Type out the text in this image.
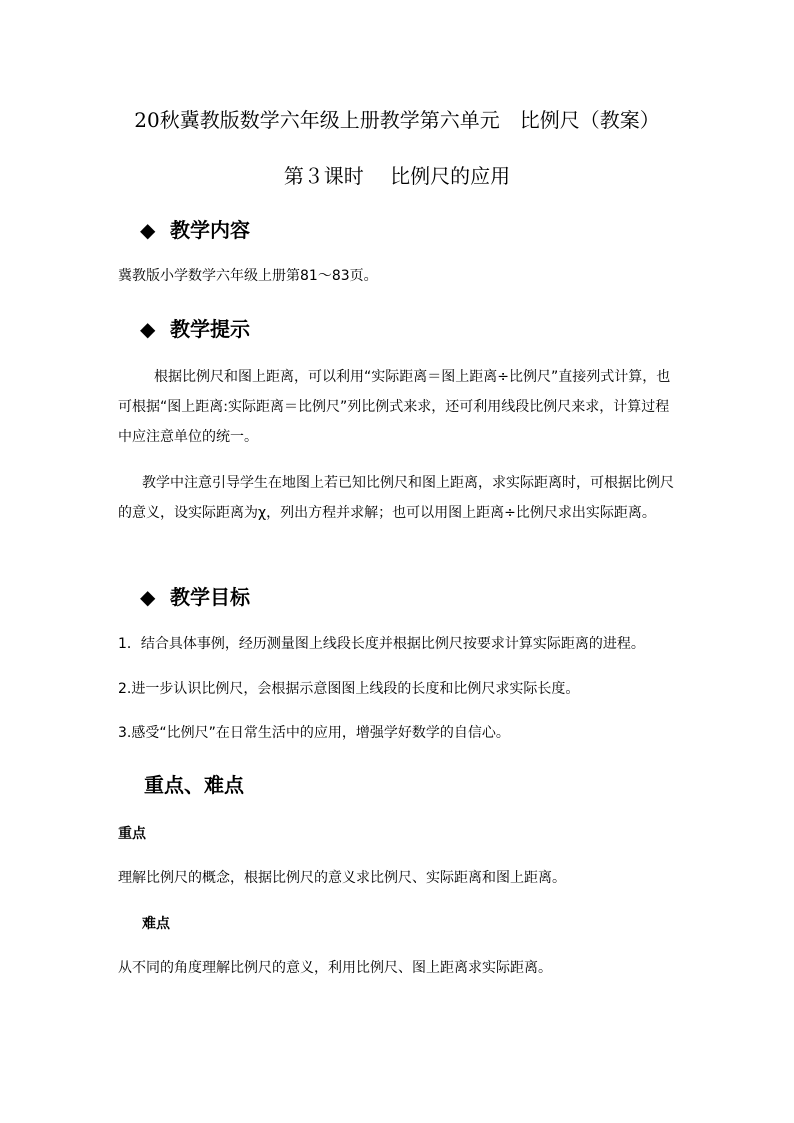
20秋冀教版数学六年级上册教学第六单元　比例尺（教案）
第３课时　 比例尺的应用
◆ 教学内容
冀教版小学数学六年级上册第81～83页。
◆ 教学提示
根据比例尺和图上距离，可以利用“实际距离＝图上距离÷比例尺”直接列式计算，也可根据“图上距离:实际距离＝比例尺”列比例式来求，还可利用线段比例尺来求，计算过程中应注意单位的统一。
教学中注意引导学生在地图上若已知比例尺和图上距离，求实际距离时，可根据比例尺的意义，设实际距离为χ，列出方程并求解；也可以用图上距离÷比例尺求出实际距离。
◆ 教学目标
1．结合具体事例，经历测量图上线段长度并根据比例尺按要求计算实际距离的进程。
2.进一步认识比例尺，会根据示意图图上线段的长度和比例尺求实际长度。
3.感受“比例尺”在日常生活中的应用，增强学好数学的自信心。
重点、难点
重点
理解比例尺的概念，根据比例尺的意义求比例尺、实际距离和图上距离。
难点
从不同的角度理解比例尺的意义，利用比例尺、图上距离求实际距离。
